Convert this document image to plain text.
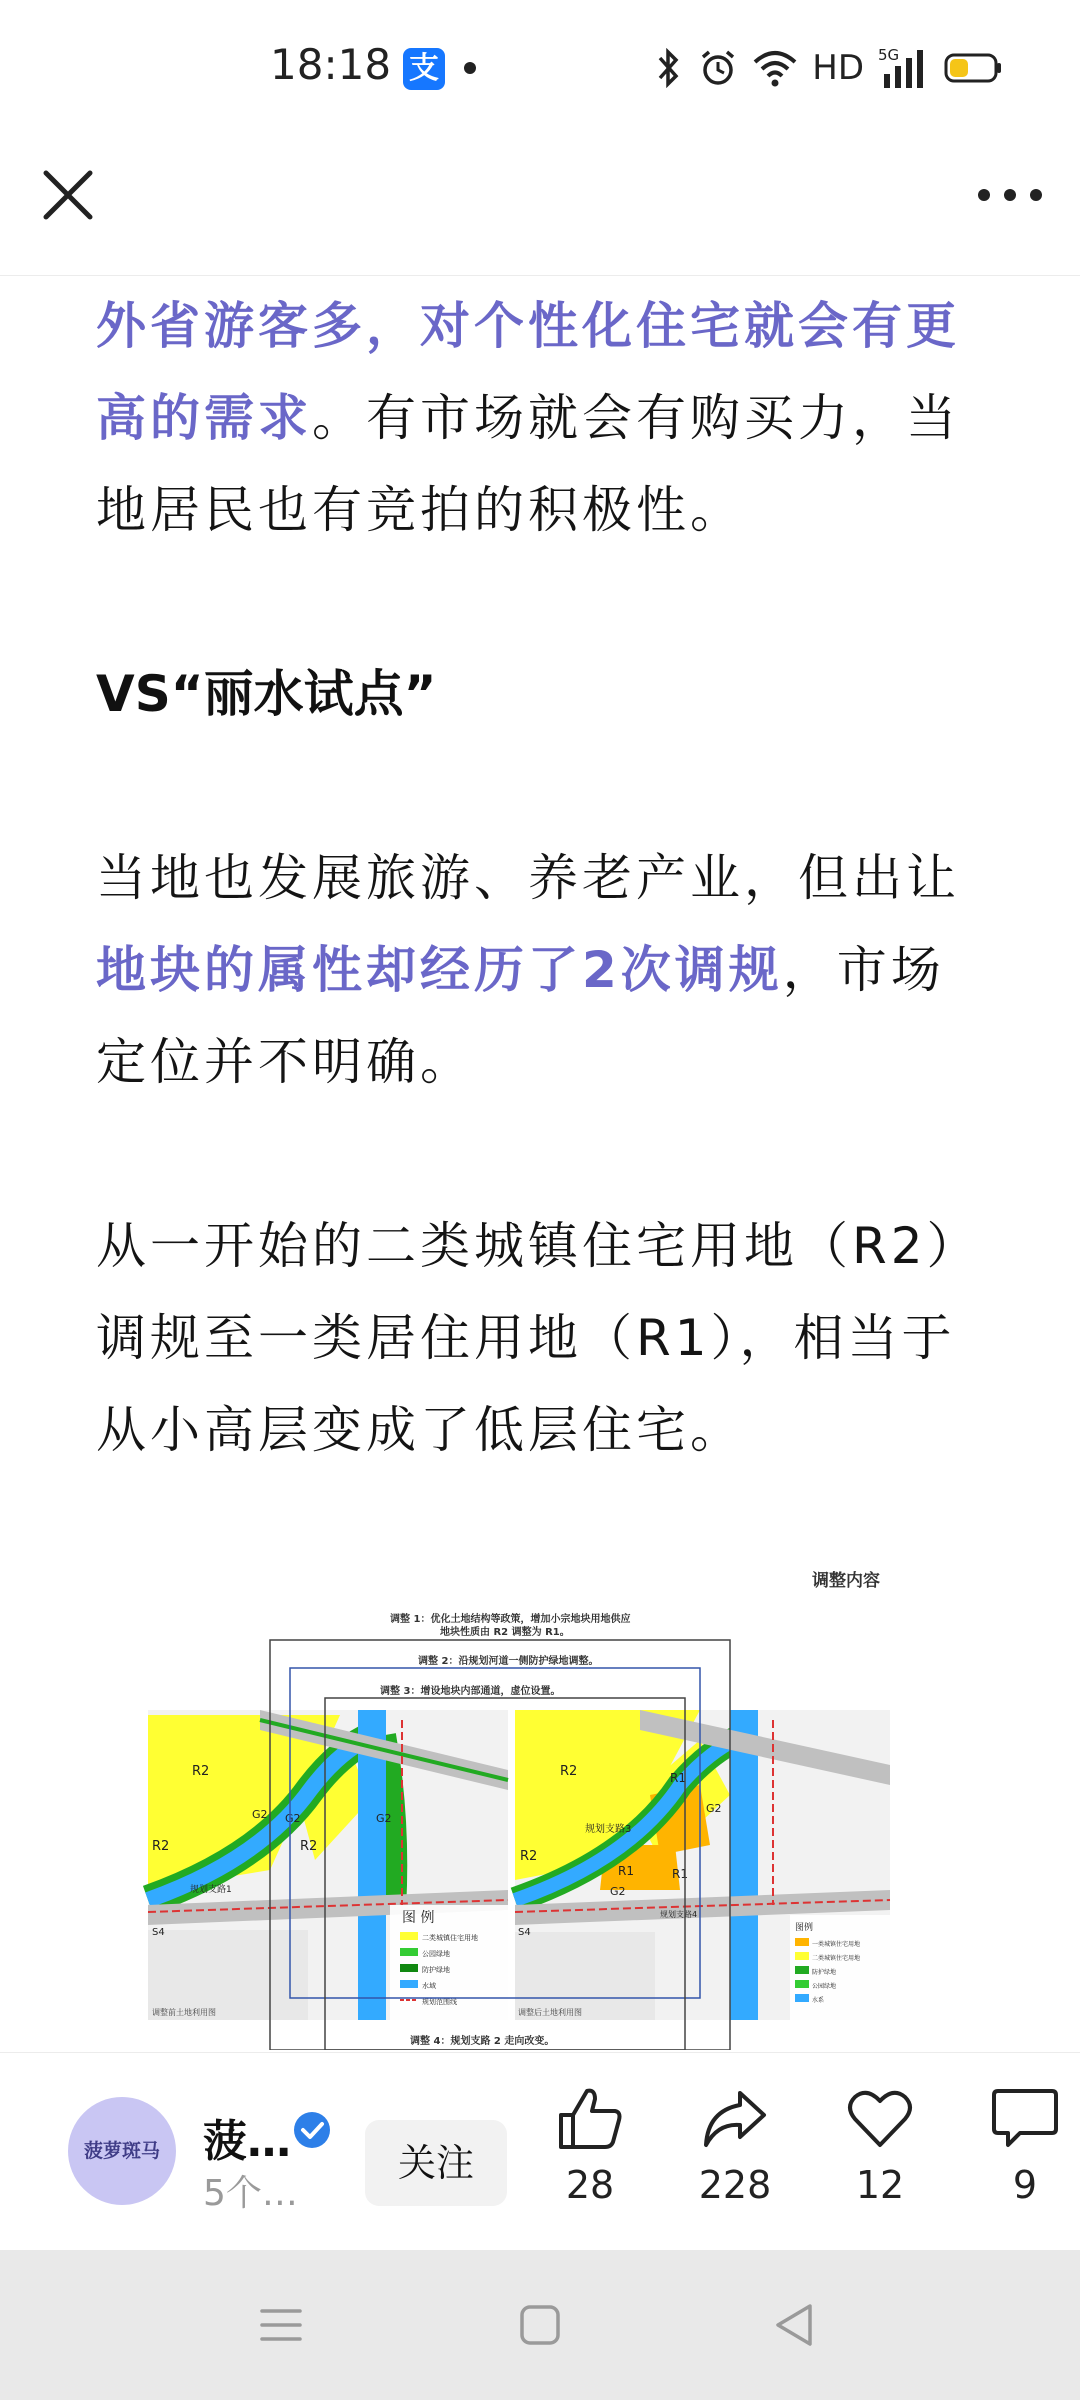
18:18 支	HD 5G

外省游客多，对个性化住宅就会有更高的需求。有市场就会有购买力，当地居民也有竞拍的积极性。

VS“丽水试点”

当地也发展旅游、养老产业，但出让地块的属性却经历了2次调规，市场定位并不明确。

从一开始的二类城镇住宅用地（R2）调规至一类居住用地（R1），相当于从小高层变成了低层住宅。

调整内容
调整 1：优化土地结构等政策，增加小宗地块用地供应
地块性质由 R2 调整为 R1。
调整 2：沿规划河道一侧防护绿地调整。
调整 3：增设地块内部通道，虚位设置。
R2
R2	R2
G2 G2	G2
S4
规划支路1
调整前土地利用图
图 例
二类城镇住宅用地
公园绿地
防护绿地
水域
规划范围线
R2
R2
R1
R1	R1
规划支路3
G2
G2
S4
规划支路4
调整后土地利用图
图例
一类城镇住宅用地
二类城镇住宅用地
防护绿地
公园绿地
水系
调整 4：规划支路 2 走向改变。
菠萝斑马 菠…
5个…
关注	28	228	12	9
